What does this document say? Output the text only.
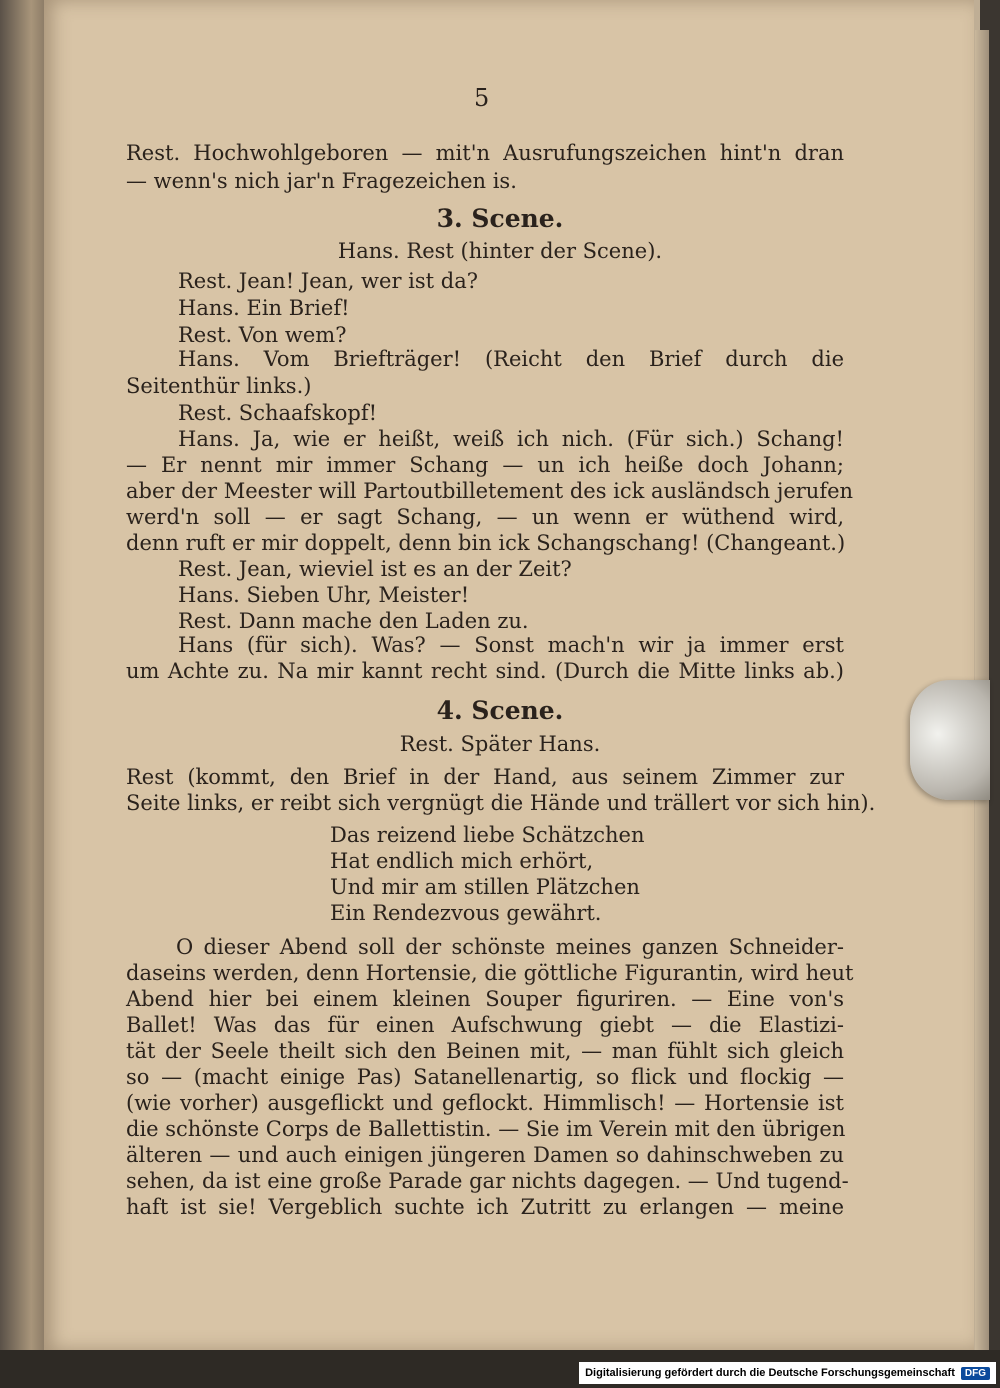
5
Rest. Hochwohlgeboren — mit'n Ausrufungszeichen hint'n dran
— wenn's nich jar'n Fragezeichen is.
3. Scene.
Hans. Rest (hinter der Scene).
Rest. Jean! Jean, wer ist da?
Hans. Ein Brief!
Rest. Von wem?
Hans. Vom Briefträger! (Reicht den Brief durch die
Seitenthür links.)
Rest. Schaafskopf!
Hans. Ja, wie er heißt, weiß ich nich. (Für sich.) Schang!
— Er nennt mir immer Schang — un ich heiße doch Johann;
aber der Meester will Partoutbilletement des ick ausländsch jerufen
werd'n soll — er sagt Schang, — un wenn er wüthend wird,
denn ruft er mir doppelt, denn bin ick Schangschang! (Changeant.)
Rest. Jean, wieviel ist es an der Zeit?
Hans. Sieben Uhr, Meister!
Rest. Dann mache den Laden zu.
Hans (für sich). Was? — Sonst mach'n wir ja immer erst
um Achte zu. Na mir kannt recht sind. (Durch die Mitte links ab.)
4. Scene.
Rest. Später Hans.
Rest (kommt, den Brief in der Hand, aus seinem Zimmer zur
Seite links, er reibt sich vergnügt die Hände und trällert vor sich hin).
Das reizend liebe Schätzchen
Hat endlich mich erhört,
Und mir am stillen Plätzchen
Ein Rendezvous gewährt.
O dieser Abend soll der schönste meines ganzen Schneider-
daseins werden, denn Hortensie, die göttliche Figurantin, wird heut
Abend hier bei einem kleinen Souper figuriren. — Eine von's
Ballet! Was das für einen Aufschwung giebt — die Elastizi-
tät der Seele theilt sich den Beinen mit, — man fühlt sich gleich
so — (macht einige Pas) Satanellenartig, so flick und flockig —
(wie vorher) ausgeflickt und geflockt. Himmlisch! — Hortensie ist
die schönste Corps de Ballettistin. — Sie im Verein mit den übrigen
älteren — und auch einigen jüngeren Damen so dahinschweben zu
sehen, da ist eine große Parade gar nichts dagegen. — Und tugend-
haft ist sie! Vergeblich suchte ich Zutritt zu erlangen — meine
Digitalisierung gefördert durch die Deutsche Forschungsgemeinschaft	DFG
